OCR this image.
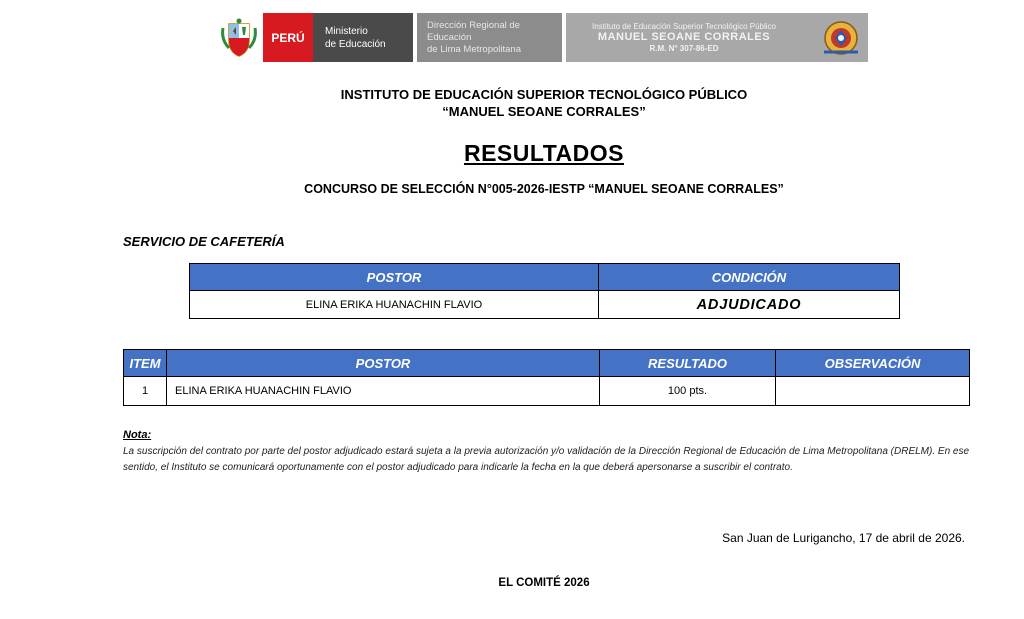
PERÚ	Ministerio
de Educación
Dirección Regional de
Educación
de Lima Metropolitana
Instituto de Educación Superior Tecnológico Público
MANUEL SEOANE CORRALES
R.M. N° 307-86-ED
INSTITUTO DE EDUCACIÓN SUPERIOR TECNOLÓGICO PÚBLICO
“MANUEL SEOANE CORRALES”
RESULTADOS
CONCURSO DE SELECCIÓN N°005-2026-IESTP “MANUEL SEOANE CORRALES”
SERVICIO DE CAFETERÍA
POSTOR	CONDICIÓN
ELINA ERIKA HUANACHIN FLAVIO	ADJUDICADO
ITEM	POSTOR	RESULTADO	OBSERVACIÓN
1	ELINA ERIKA HUANACHIN FLAVIO	100 pts.	
Nota:
La suscripción del contrato por parte del postor adjudicado estará sujeta a la previa autorización y/o validación de la Dirección Regional de Educación de Lima Metropolitana (DRELM). En ese sentido, el Instituto se comunicará oportunamente con el postor adjudicado para indicarle la fecha en la que deberá apersonarse a suscribir el contrato.
San Juan de Lurigancho, 17 de abril de 2026.
EL COMITÉ 2026
